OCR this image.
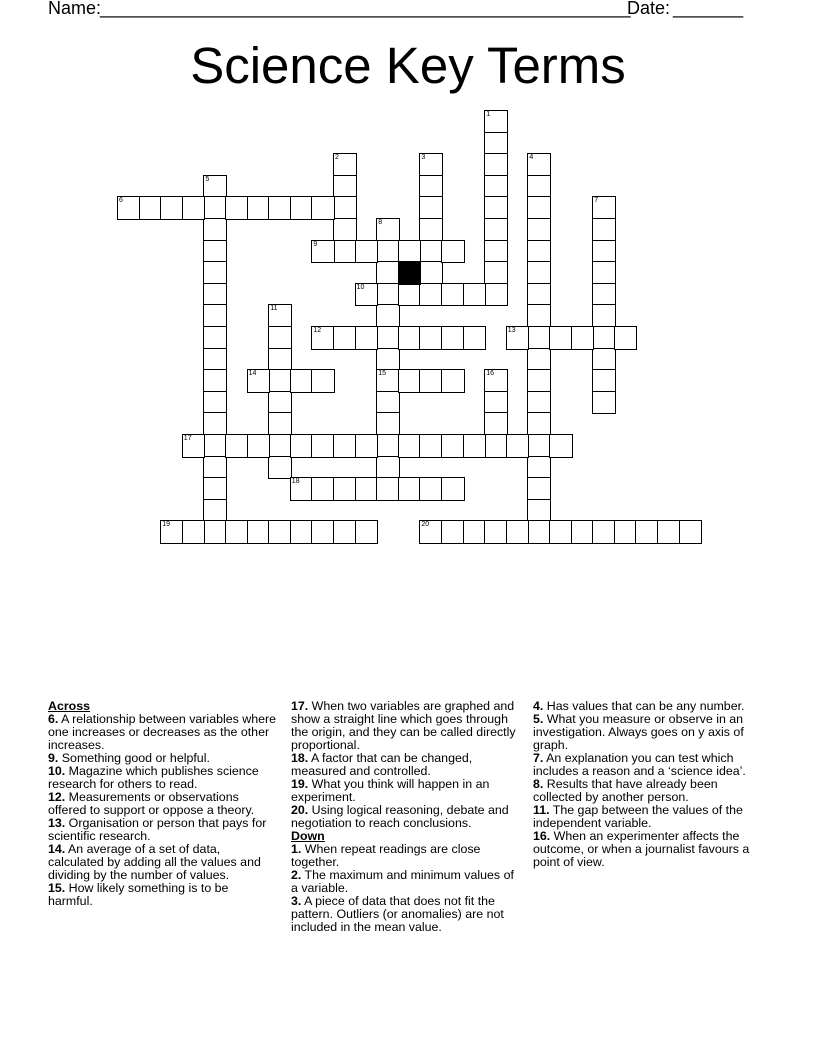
Name:
_____________________________________________________
Date: _______
Science Key Terms
1
2	3	4
5
6	7
8
15
9
10
11
12	13
14	16
17
18
19	20
Across
6. A relationship between variables where one increases or decreases as the other increases.
9. Something good or helpful.
10. Magazine which publishes science research for others to read.
12. Measurements or observations offered to support or oppose a theory.
13. Organisation or person that pays for scientific research.
14. An average of a set of data, calculated by adding all the values and dividing by the number of values.
15. How likely something is to be harmful.
17. When two variables are graphed and show a straight line which goes through the origin, and they can be called directly proportional.
18. A factor that can be changed, measured and controlled.
19. What you think will happen in an experiment.
20. Using logical reasoning, debate and negotiation to reach conclusions.
Down
1. When repeat readings are close together.
2. The maximum and minimum values of a variable.
3. A piece of data that does not fit the pattern. Outliers (or anomalies) are not included in the mean value.
4. Has values that can be any number.
5. What you measure or observe in an investigation. Always goes on y axis of graph.
7. An explanation you can test which includes a reason and a ‘science idea’.
8. Results that have already been collected by another person.
11. The gap between the values of the independent variable.
16. When an experimenter affects the outcome, or when a journalist favours a point of view.
